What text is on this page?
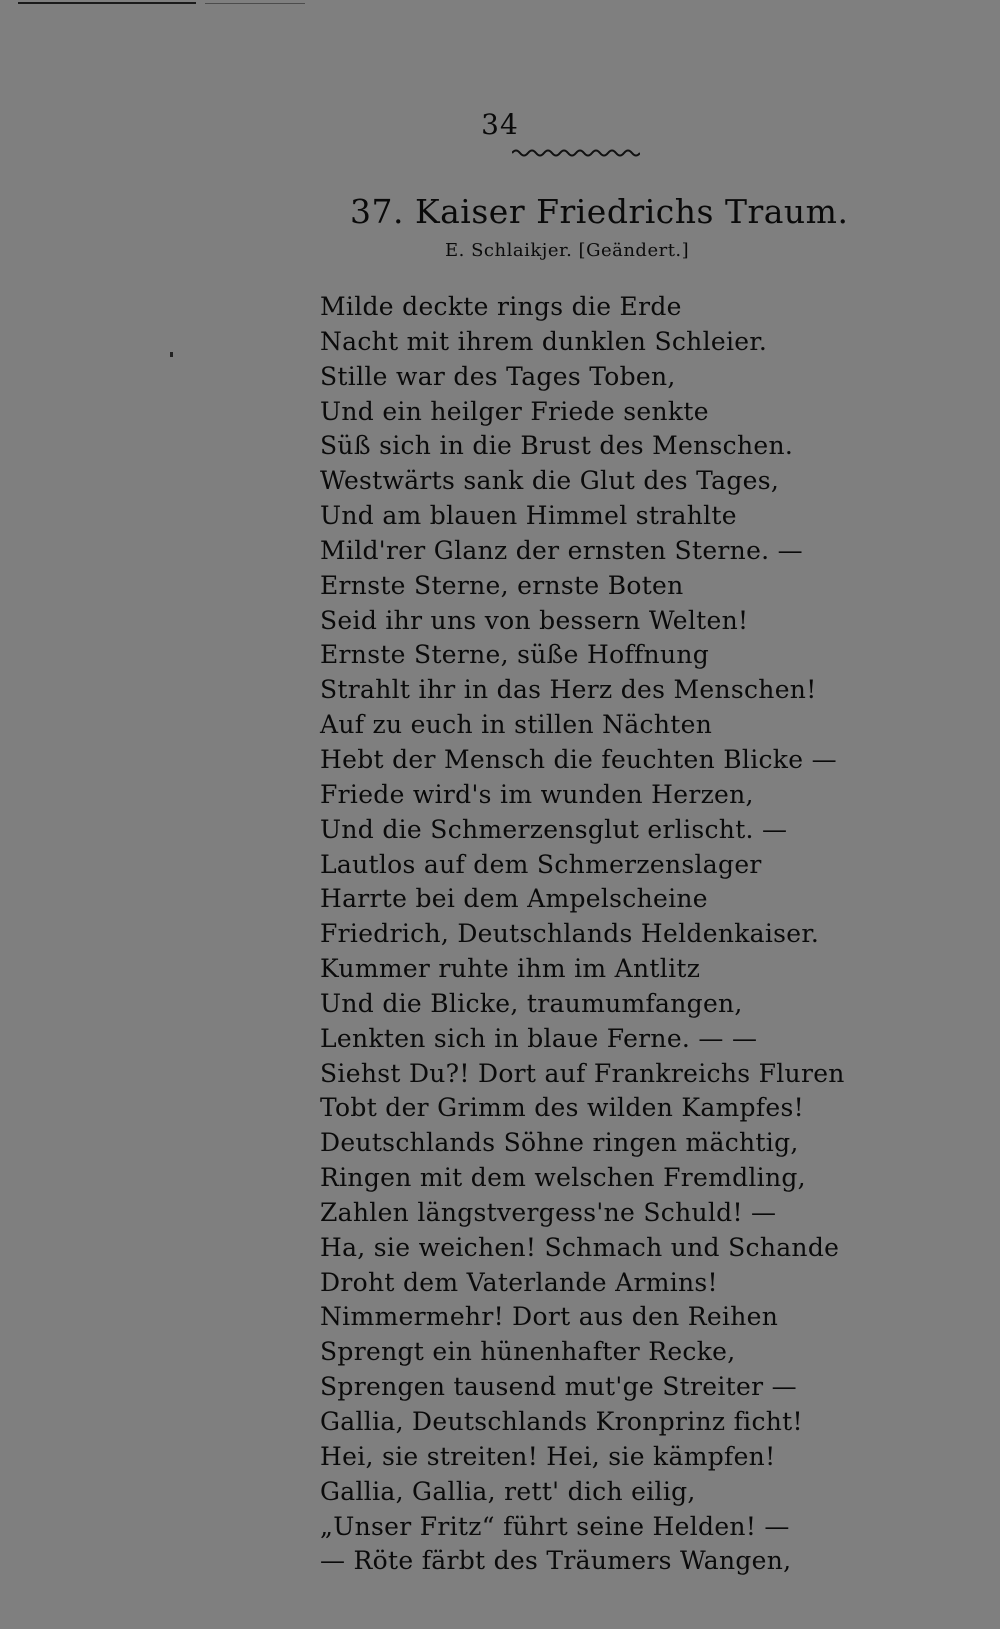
34
37. Kaiser Friedrichs Traum.
E. Schlaikjer. [Geändert.]
Milde deckte rings die Erde
Nacht mit ihrem dunklen Schleier.
Stille war des Tages Toben,
Und ein heilger Friede senkte
Süß sich in die Brust des Menschen.
Westwärts sank die Glut des Tages,
Und am blauen Himmel strahlte
Mild'rer Glanz der ernsten Sterne. —
Ernste Sterne, ernste Boten
Seid ihr uns von bessern Welten!
Ernste Sterne, süße Hoffnung
Strahlt ihr in das Herz des Menschen!
Auf zu euch in stillen Nächten
Hebt der Mensch die feuchten Blicke —
Friede wird's im wunden Herzen,
Und die Schmerzensglut erlischt. —
Lautlos auf dem Schmerzenslager
Harrte bei dem Ampelscheine
Friedrich, Deutschlands Heldenkaiser.
Kummer ruhte ihm im Antlitz
Und die Blicke, traumumfangen,
Lenkten sich in blaue Ferne. — —
Siehst Du?! Dort auf Frankreichs Fluren
Tobt der Grimm des wilden Kampfes!
Deutschlands Söhne ringen mächtig,
Ringen mit dem welschen Fremdling,
Zahlen längstvergess'ne Schuld! —
Ha, sie weichen! Schmach und Schande
Droht dem Vaterlande Armins!
Nimmermehr! Dort aus den Reihen
Sprengt ein hünenhafter Recke,
Sprengen tausend mut'ge Streiter —
Gallia, Deutschlands Kronprinz ficht!
Hei, sie streiten! Hei, sie kämpfen!
Gallia, Gallia, rett' dich eilig,
„Unser Fritz“ führt seine Helden! —
— Röte färbt des Träumers Wangen,
